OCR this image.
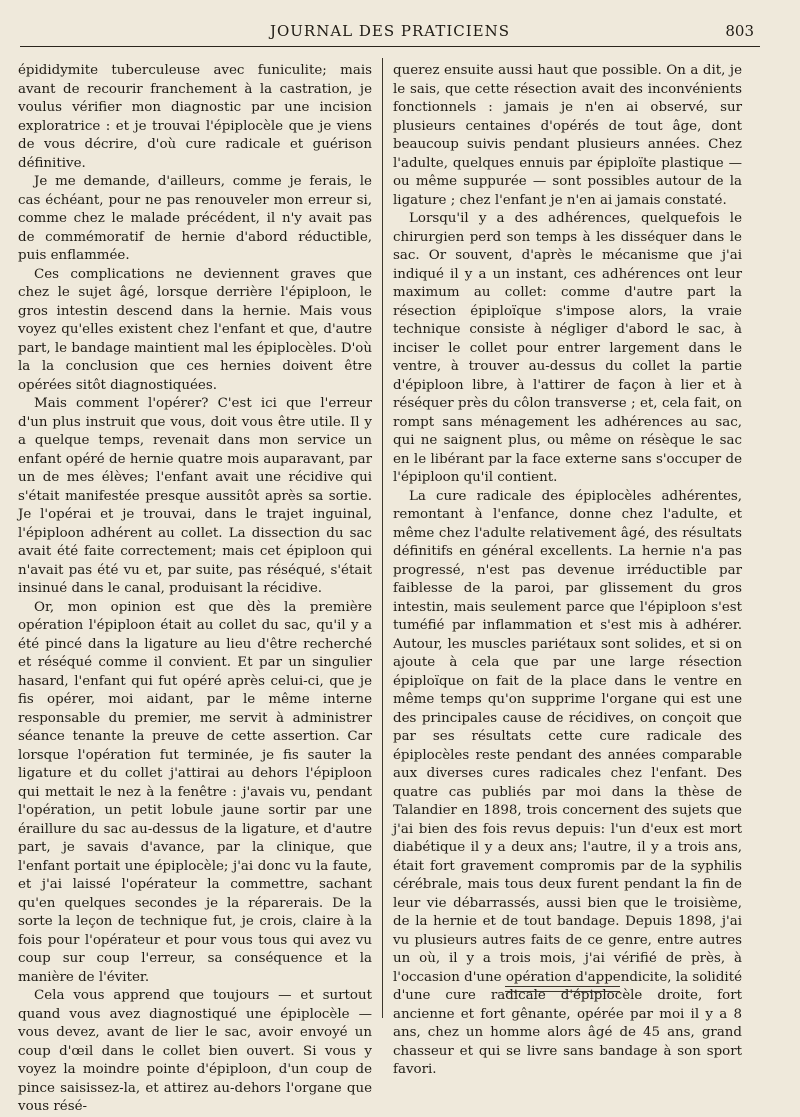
JOURNAL DES PRATICIENS	803

épididymite tuberculeuse avec funiculite; mais avant de recourir franchement à la castration, je voulus vérifier mon diagnostic par une incision exploratrice : et je trouvai l'épiplocèle que je viens de vous décrire, d'où cure radicale et guérison définitive.

Je me demande, d'ailleurs, comme je ferais, le cas échéant, pour ne pas renouveler mon erreur si, comme chez le malade précédent, il n'y avait pas de commémoratif de hernie d'abord réductible, puis enflammée.

Ces complications ne deviennent graves que chez le sujet âgé, lorsque derrière l'épiploon, le gros intestin descend dans la hernie. Mais vous voyez qu'elles existent chez l'enfant et que, d'autre part, le bandage maintient mal les épiplocèles. D'où la la conclusion que ces hernies doivent être opérées sitôt diagnostiquées.

Mais comment l'opérer? C'est ici que l'erreur d'un plus instruit que vous, doit vous être utile. Il y a quelque temps, revenait dans mon service un enfant opéré de hernie quatre mois auparavant, par un de mes élèves; l'enfant avait une récidive qui s'était manifestée presque aussitôt après sa sortie. Je l'opérai et je trouvai, dans le trajet inguinal, l'épiploon adhérent au collet. La dissection du sac avait été faite correctement; mais cet épiploon qui n'avait pas été vu et, par suite, pas réséqué, s'était insinué dans le canal, produisant la récidive.

Or, mon opinion est que dès la première opération l'épiploon était au collet du sac, qu'il y a été pincé dans la ligature au lieu d'être recherché et réséqué comme il convient. Et par un singulier hasard, l'enfant qui fut opéré après celui-ci, que je fis opérer, moi aidant, par le même interne responsable du premier, me servit à administrer séance tenante la preuve de cette assertion. Car lorsque l'opération fut terminée, je fis sauter la ligature et du collet j'attirai au dehors l'épiploon qui mettait le nez à la fenêtre : j'avais vu, pendant l'opération, un petit lobule jaune sortir par une éraillure du sac au-dessus de la ligature, et d'autre part, je savais d'avance, par la clinique, que l'enfant portait une épiplocèle; j'ai donc vu la faute, et j'ai laissé l'opérateur la commettre, sachant qu'en quelques secondes je la réparerais. De la sorte la leçon de technique fut, je crois, claire à la fois pour l'opérateur et pour vous tous qui avez vu coup sur coup l'erreur, sa conséquence et la manière de l'éviter.

Cela vous apprend que toujours — et surtout quand vous avez diagnostiqué une épiplocèle — vous devez, avant de lier le sac, avoir envoyé un coup d'œil dans le collet bien ouvert. Si vous y voyez la moindre pointe d'épiploon, d'un coup de pince saisissez-la, et attirez au-dehors l'organe que vous résé-

querez ensuite aussi haut que possible. On a dit, je le sais, que cette résection avait des inconvénients fonctionnels : jamais je n'en ai observé, sur plusieurs centaines d'opérés de tout âge, dont beaucoup suivis pendant plusieurs années. Chez l'adulte, quelques ennuis par épiploïte plastique — ou même suppurée — sont possibles autour de la ligature ; chez l'enfant je n'en ai jamais constaté.

Lorsqu'il y a des adhérences, quelquefois le chirurgien perd son temps à les disséquer dans le sac. Or souvent, d'après le mécanisme que j'ai indiqué il y a un instant, ces adhérences ont leur maximum au collet: comme d'autre part la résection épiploïque s'impose alors, la vraie technique consiste à négliger d'abord le sac, à inciser le collet pour entrer largement dans le ventre, à trouver au-dessus du collet la partie d'épiploon libre, à l'attirer de façon à lier et à réséquer près du côlon transverse ; et, cela fait, on rompt sans ménagement les adhérences au sac, qui ne saignent plus, ou même on résèque le sac en le libérant par la face externe sans s'occuper de l'épiploon qu'il contient.

La cure radicale des épiplocèles adhérentes, remontant à l'enfance, donne chez l'adulte, et même chez l'adulte relativement âgé, des résultats définitifs en général excellents. La hernie n'a pas progressé, n'est pas devenue irréductible par faiblesse de la paroi, par glissement du gros intestin, mais seulement parce que l'épiploon s'est tuméfié par inflammation et s'est mis à adhérer. Autour, les muscles pariétaux sont solides, et si on ajoute à cela que par une large résection épiploïque on fait de la place dans le ventre en même temps qu'on supprime l'organe qui est une des principales cause de récidives, on conçoit que par ses résultats cette cure radicale des épiplocèles reste pendant des années comparable aux diverses cures radicales chez l'enfant. Des quatre cas publiés par moi dans la thèse de Talandier en 1898, trois concernent des sujets que j'ai bien des fois revus depuis: l'un d'eux est mort diabétique il y a deux ans; l'autre, il y a trois ans, était fort gravement compromis par de la syphilis cérébrale, mais tous deux furent pendant la fin de leur vie débarrassés, aussi bien que le troisième, de la hernie et de tout bandage. Depuis 1898, j'ai vu plusieurs autres faits de ce genre, entre autres un où, il y a trois mois, j'ai vérifié de près, à l'occasion d'une opération d'appendicite, la solidité d'une cure radicale d'épiplocèle droite, fort ancienne et fort gênante, opérée par moi il y a 8 ans, chez un homme alors âgé de 45 ans, grand chasseur et qui se livre sans bandage à son sport favori.
